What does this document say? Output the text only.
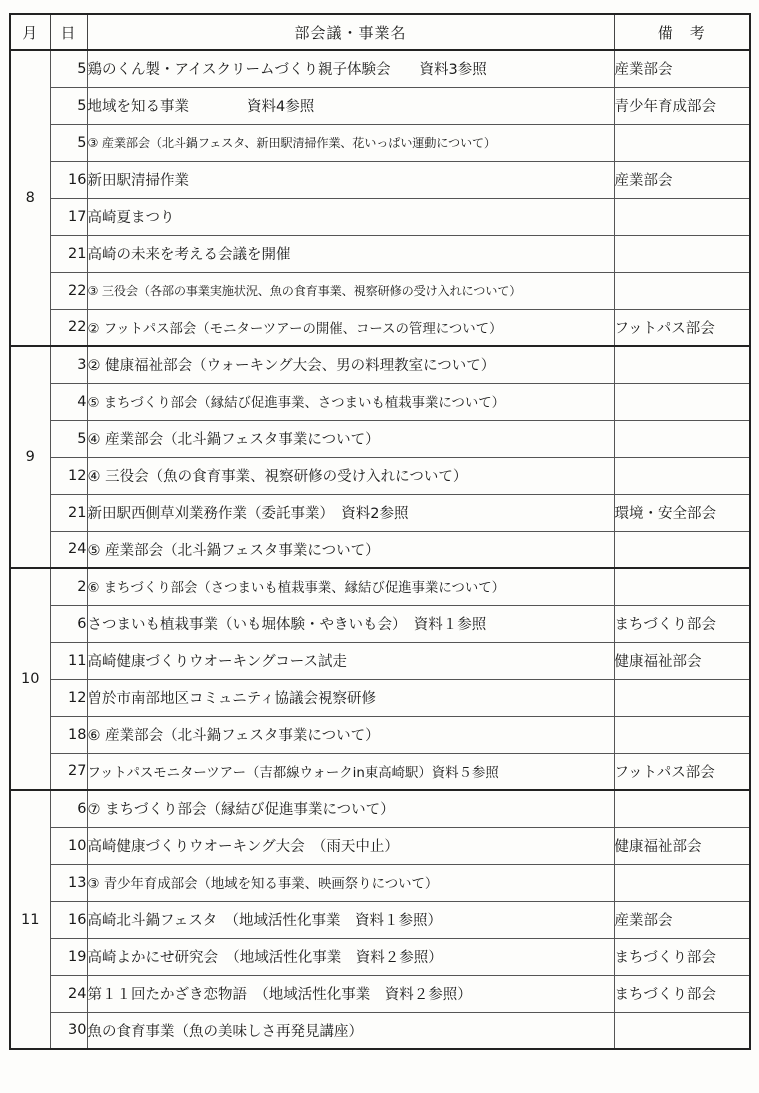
月	日	部会議・事業名	備　考
8	5	鶏のくん製・アイスクリームづくり親子体験会　　資料3参照	産業部会
	5	地域を知る事業　　　　資料4参照	青少年育成部会
	5	③ 産業部会（北斗鍋フェスタ、新田駅清掃作業、花いっぱい運動について）	
	16	新田駅清掃作業	産業部会
	17	高崎夏まつり	
	21	高崎の未来を考える会議を開催	
	22	③ 三役会（各部の事業実施状況、魚の食育事業、視察研修の受け入れについて）	
	22	② フットパス部会（モニターツアーの開催、コースの管理について）	フットパス部会
9	3	② 健康福祉部会（ウォーキング大会、男の料理教室について）	
	4	⑤ まちづくり部会（縁結び促進事業、さつまいも植栽事業について）	
	5	④ 産業部会（北斗鍋フェスタ事業について）	
	12	④ 三役会（魚の食育事業、視察研修の受け入れについて）	
	21	新田駅西側草刈業務作業（委託事業）　資料2参照	環境・安全部会
	24	⑤ 産業部会（北斗鍋フェスタ事業について）	
10	2	⑥ まちづくり部会（さつまいも植栽事業、縁結び促進事業について）	
	6	さつまいも植栽事業（いも堀体験・やきいも会）　資料１参照	まちづくり部会
	11	高崎健康づくりウオーキングコース試走	健康福祉部会
	12	曽於市南部地区コミュニティ協議会視察研修	
	18	⑥ 産業部会（北斗鍋フェスタ事業について）	
	27	フットパスモニターツアー（吉都線ウォークin東高崎駅）資料５参照	フットパス部会
11	6	⑦ まちづくり部会（縁結び促進事業について）	
	10	高崎健康づくりウオーキング大会　（雨天中止）	健康福祉部会
	13	③ 青少年育成部会（地域を知る事業、映画祭りについて）	
	16	高崎北斗鍋フェスタ　（地域活性化事業　資料１参照）	産業部会
	19	高崎よかにせ研究会　（地域活性化事業　資料２参照）	まちづくり部会
	24	第１１回たかざき恋物語　（地域活性化事業　資料２参照）	まちづくり部会
	30	魚の食育事業（魚の美味しさ再発見講座）	
